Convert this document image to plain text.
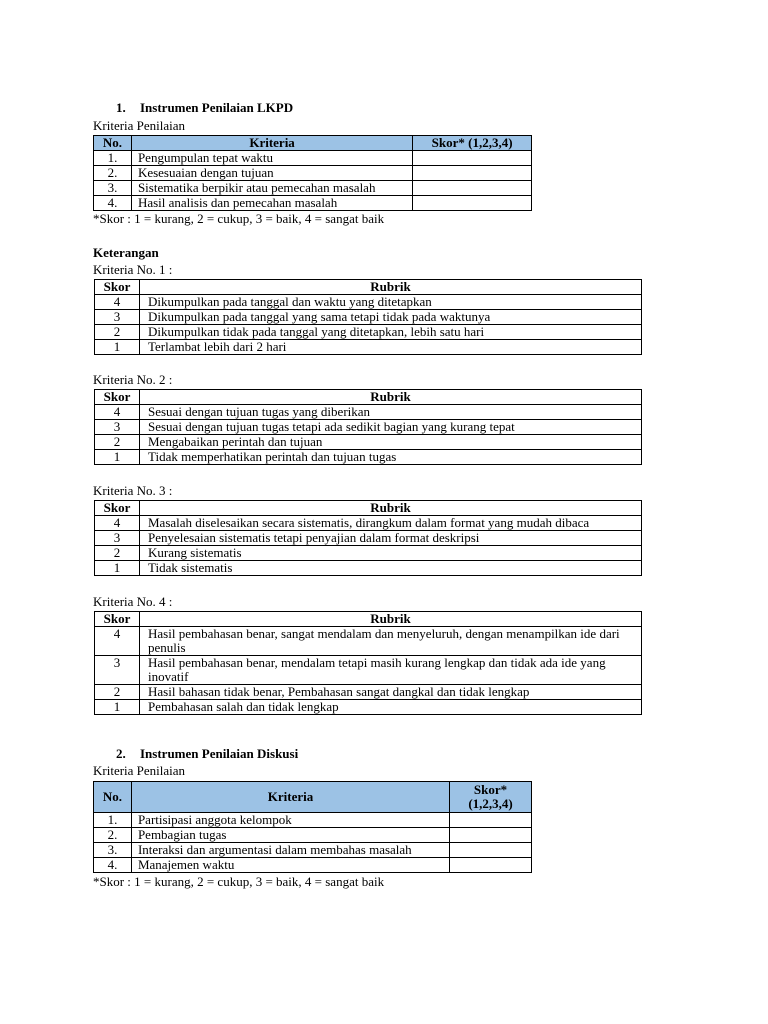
1. Instrumen Penilaian LKPD
Kriteria Penilaian
No.	Kriteria	Skor* (1,2,3,4)
1.	Pengumpulan tepat waktu	
2.	Kesesuaian dengan tujuan	
3.	Sistematika berpikir atau pemecahan masalah	
4.	Hasil analisis dan pemecahan masalah	
*Skor : 1 = kurang, 2 = cukup, 3 = baik, 4 = sangat baik
Keterangan
Kriteria No. 1 :
Skor	Rubrik
4	Dikumpulkan pada tanggal dan waktu yang ditetapkan
3	Dikumpulkan pada tanggal yang sama tetapi tidak pada waktunya
2	Dikumpulkan tidak pada tanggal yang ditetapkan, lebih satu hari
1	Terlambat lebih dari 2 hari
Kriteria No. 2 :
Skor	Rubrik
4	Sesuai dengan tujuan tugas yang diberikan
3	Sesuai dengan tujuan tugas tetapi ada sedikit bagian yang kurang tepat
2	Mengabaikan perintah dan tujuan
1	Tidak memperhatikan perintah dan tujuan tugas
Kriteria No. 3 :
Skor	Rubrik
4	Masalah diselesaikan secara sistematis, dirangkum dalam format yang mudah dibaca
3	Penyelesaian sistematis tetapi penyajian dalam format deskripsi
2	Kurang sistematis
1	Tidak sistematis
Kriteria No. 4 :
Skor	Rubrik
4	Hasil pembahasan benar, sangat mendalam dan menyeluruh, dengan menampilkan ide dari penulis
3	Hasil pembahasan benar, mendalam tetapi masih kurang lengkap dan tidak ada ide yang inovatif
2	Hasil bahasan tidak benar, Pembahasan sangat dangkal dan tidak lengkap
1	Pembahasan salah dan tidak lengkap
2. Instrumen Penilaian Diskusi
Kriteria Penilaian
No.	Kriteria	Skor*
(1,2,3,4)

1.	Partisipasi anggota kelompok	
2.	Pembagian tugas	
3.	Interaksi dan argumentasi dalam membahas masalah	
4.	Manajemen waktu	
*Skor : 1 = kurang, 2 = cukup, 3 = baik, 4 = sangat baik
